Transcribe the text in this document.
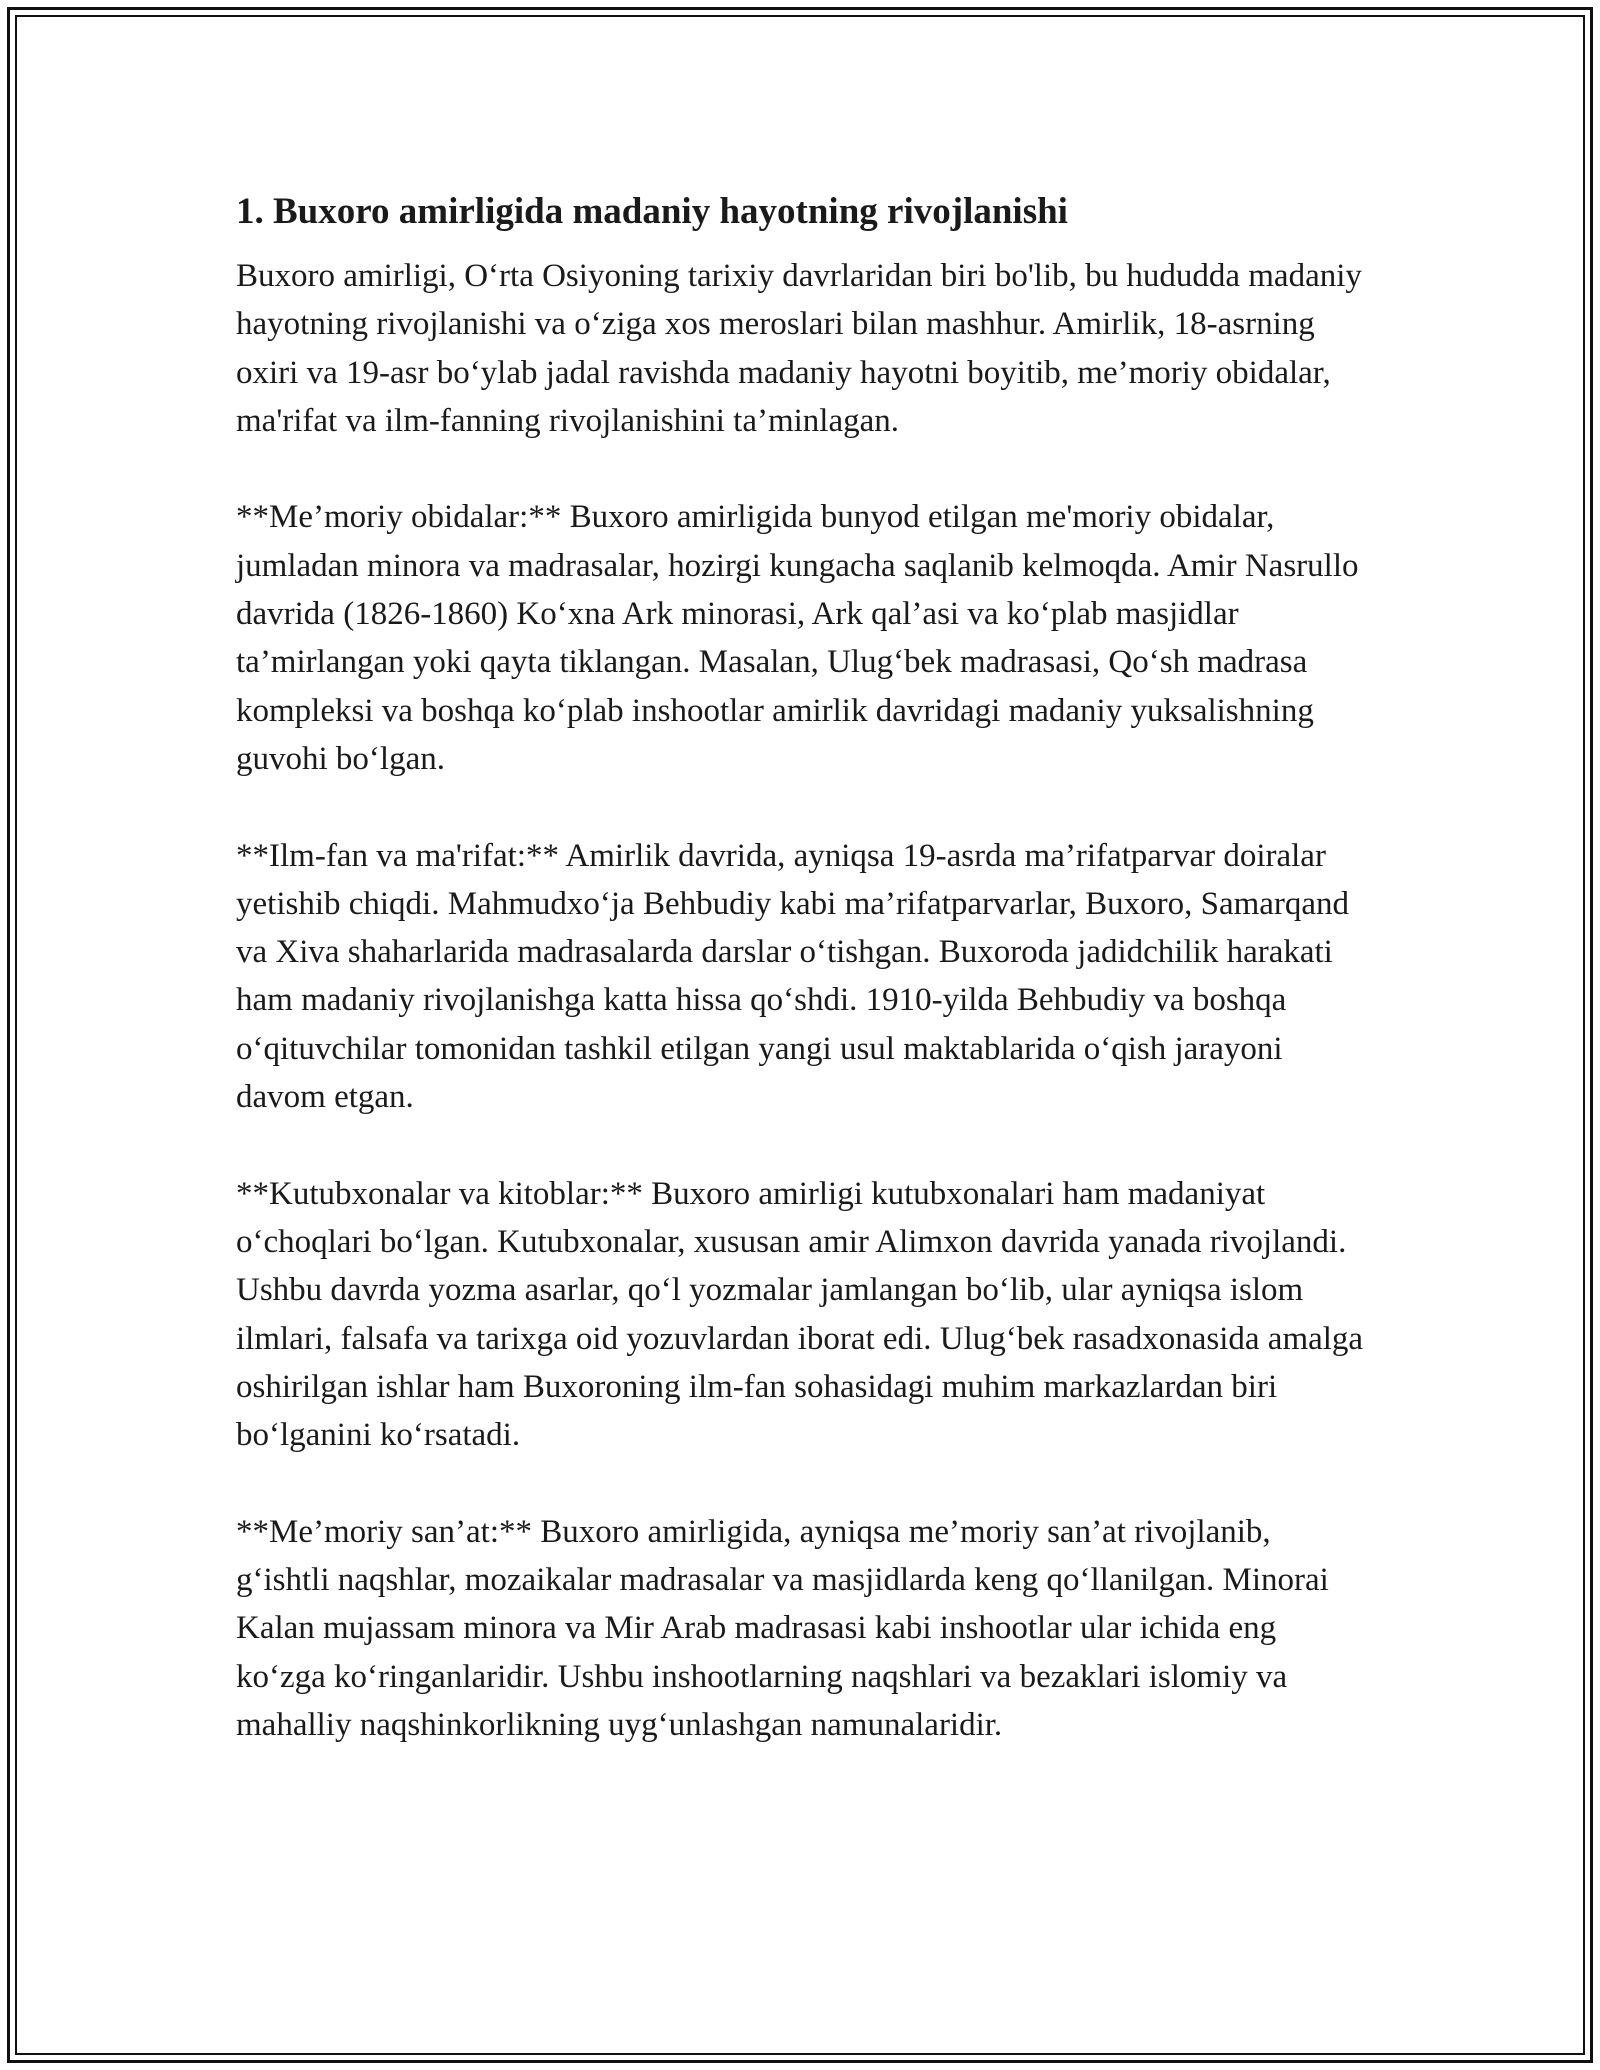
1. Buxoro amirligida madaniy hayotning rivojlanishi

Buxoro amirligi, O‘rta Osiyoning tarixiy davrlaridan biri bo'lib, bu hududda madaniy hayotning rivojlanishi va o‘ziga xos meroslari bilan mashhur. Amirlik, 18-asrning oxiri va 19-asr bo‘ylab jadal ravishda madaniy hayotni boyitib, me’moriy obidalar, ma'rifat va ilm-fanning rivojlanishini ta’minlagan.

**Me’moriy obidalar:** Buxoro amirligida bunyod etilgan me'moriy obidalar, jumladan minora va madrasalar, hozirgi kungacha saqlanib kelmoqda. Amir Nasrullo davrida (1826-1860) Ko‘xna Ark minorasi, Ark qal’asi va ko‘plab masjidlar ta’mirlangan yoki qayta tiklangan. Masalan, Ulug‘bek madrasasi, Qo‘sh madrasa kompleksi va boshqa ko‘plab inshootlar amirlik davridagi madaniy yuksalishning guvohi bo‘lgan.

**Ilm-fan va ma'rifat:** Amirlik davrida, ayniqsa 19-asrda ma’rifatparvar doiralar yetishib chiqdi. Mahmudxo‘ja Behbudiy kabi ma’rifatparvarlar, Buxoro, Samarqand va Xiva shaharlarida madrasalarda darslar o‘tishgan. Buxoroda jadidchilik harakati ham madaniy rivojlanishga katta hissa qo‘shdi. 1910-yilda Behbudiy va boshqa o‘qituvchilar tomonidan tashkil etilgan yangi usul maktablarida o‘qish jarayoni davom etgan.

**Kutubxonalar va kitoblar:** Buxoro amirligi kutubxonalari ham madaniyat o‘choqlari bo‘lgan. Kutubxonalar, xususan amir Alimxon davrida yanada rivojlandi. Ushbu davrda yozma asarlar, qo‘l yozmalar jamlangan bo‘lib, ular ayniqsa islom ilmlari, falsafa va tarixga oid yozuvlardan iborat edi. Ulug‘bek rasadxonasida amalga oshirilgan ishlar ham Buxoroning ilm-fan sohasidagi muhim markazlardan biri bo‘lganini ko‘rsatadi.

**Me’moriy san’at:** Buxoro amirligida, ayniqsa me’moriy san’at rivojlanib, g‘ishtli naqshlar, mozaikalar madrasalar va masjidlarda keng qo‘llanilgan. Minorai Kalan mujassam minora va Mir Arab madrasasi kabi inshootlar ular ichida eng ko‘zga ko‘ringanlaridir. Ushbu inshootlarning naqshlari va bezaklari islomiy va mahalliy naqshinkorlikning uyg‘unlashgan namunalaridir.
